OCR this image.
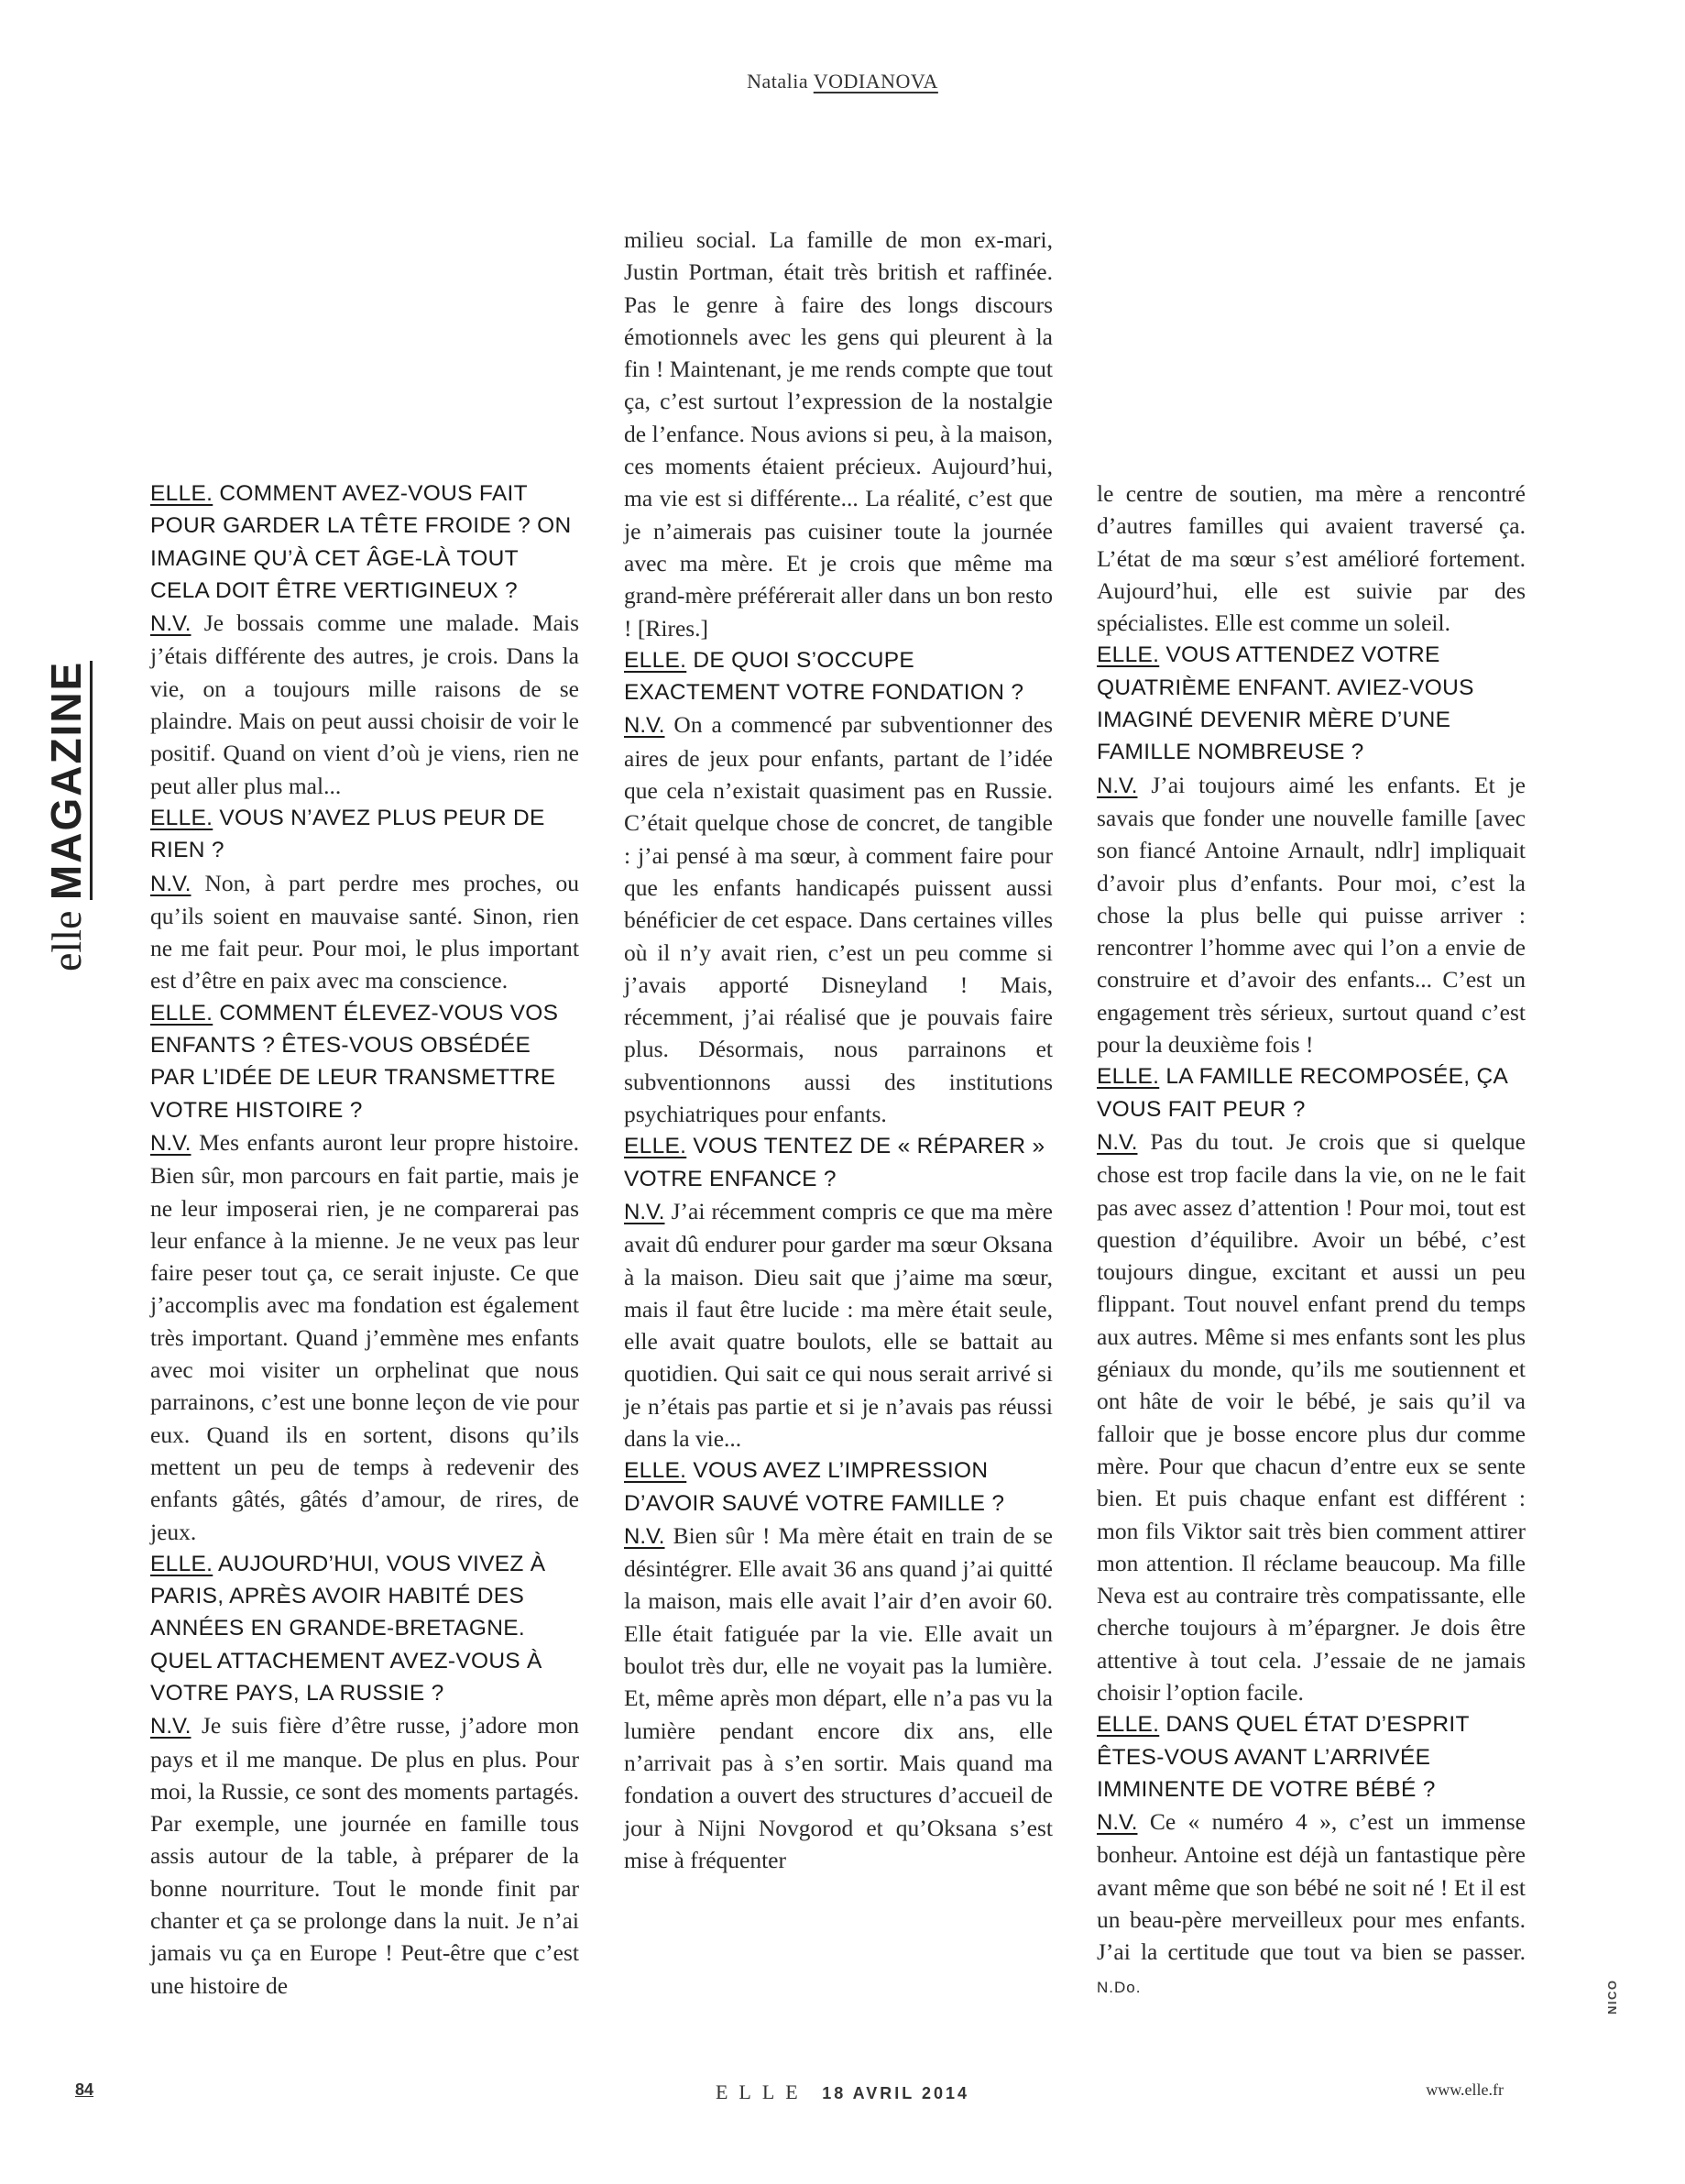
Natalia VODIANOVA
elle MAGAZINE

ELLE. COMMENT AVEZ-VOUS FAIT POUR GARDER LA TÊTE FROIDE ? ON IMAGINE QU’À CET ÂGE-LÀ TOUT CELA DOIT ÊTRE VERTIGINEUX ?

N.V. Je bossais comme une malade. Mais j’étais différente des autres, je crois. Dans la vie, on a toujours mille raisons de se plaindre. Mais on peut aussi choisir de voir le positif. Quand on vient d’où je viens, rien ne peut aller plus mal...

ELLE. VOUS N’AVEZ PLUS PEUR DE RIEN ?

N.V. Non, à part perdre mes proches, ou qu’ils soient en mauvaise santé. Sinon, rien ne me fait peur. Pour moi, le plus important est d’être en paix avec ma conscience.

ELLE. COMMENT ÉLEVEZ-VOUS VOS ENFANTS ? ÊTES-VOUS OBSÉDÉE PAR L’IDÉE DE LEUR TRANSMETTRE VOTRE HISTOIRE ?

N.V. Mes enfants auront leur propre histoire. Bien sûr, mon parcours en fait partie, mais je ne leur imposerai rien, je ne comparerai pas leur enfance à la mienne. Je ne veux pas leur faire peser tout ça, ce serait injuste. Ce que j’accomplis avec ma fondation est également très important. Quand j’emmène mes enfants avec moi visiter un orphelinat que nous parrainons, c’est une bonne leçon de vie pour eux. Quand ils en sortent, disons qu’ils mettent un peu de temps à redevenir des enfants gâtés, gâtés d’amour, de rires, de jeux.

ELLE. AUJOURD’HUI, VOUS VIVEZ À PARIS, APRÈS AVOIR HABITÉ DES ANNÉES EN GRANDE-BRETAGNE. QUEL ATTACHEMENT AVEZ-VOUS À VOTRE PAYS, LA RUSSIE ?

N.V. Je suis fière d’être russe, j’adore mon pays et il me manque. De plus en plus. Pour moi, la Russie, ce sont des moments partagés. Par exemple, une journée en famille tous assis autour de la table, à préparer de la bonne nourriture. Tout le monde finit par chanter et ça se prolonge dans la nuit. Je n’ai jamais vu ça en Europe ! Peut-être que c’est une histoire de

milieu social. La famille de mon ex-mari, Justin Portman, était très british et raffinée. Pas le genre à faire des longs discours émotionnels avec les gens qui pleurent à la fin ! Maintenant, je me rends compte que tout ça, c’est surtout l’expression de la nostalgie de l’enfance. Nous avions si peu, à la maison, ces moments étaient précieux. Aujourd’hui, ma vie est si différente... La réalité, c’est que je n’aimerais pas cuisiner toute la journée avec ma mère. Et je crois que même ma grand-mère préférerait aller dans un bon resto ! [Rires.]

ELLE. DE QUOI S’OCCUPE EXACTEMENT VOTRE FONDATION ?

N.V. On a commencé par subventionner des aires de jeux pour enfants, partant de l’idée que cela n’existait quasiment pas en Russie. C’était quelque chose de concret, de tangible : j’ai pensé à ma sœur, à comment faire pour que les enfants handicapés puissent aussi bénéficier de cet espace. Dans certaines villes où il n’y avait rien, c’est un peu comme si j’avais apporté Disneyland ! Mais, récemment, j’ai réalisé que je pouvais faire plus. Désormais, nous parrainons et subventionnons aussi des institutions psychiatriques pour enfants.

ELLE. VOUS TENTEZ DE « RÉPARER » VOTRE ENFANCE ?

N.V. J’ai récemment compris ce que ma mère avait dû endurer pour garder ma sœur Oksana à la maison. Dieu sait que j’aime ma sœur, mais il faut être lucide : ma mère était seule, elle avait quatre boulots, elle se battait au quotidien. Qui sait ce qui nous serait arrivé si je n’étais pas partie et si je n’avais pas réussi dans la vie...

ELLE. VOUS AVEZ L’IMPRESSION D’AVOIR SAUVÉ VOTRE FAMILLE ?

N.V. Bien sûr ! Ma mère était en train de se désintégrer. Elle avait 36 ans quand j’ai quitté la maison, mais elle avait l’air d’en avoir 60. Elle était fatiguée par la vie. Elle avait un boulot très dur, elle ne voyait pas la lumière. Et, même après mon départ, elle n’a pas vu la lumière pendant encore dix ans, elle n’arrivait pas à s’en sortir. Mais quand ma fondation a ouvert des structures d’accueil de jour à Nijni Novgorod et qu’Oksana s’est mise à fréquenter

le centre de soutien, ma mère a rencontré d’autres familles qui avaient traversé ça. L’état de ma sœur s’est amélioré fortement. Aujourd’hui, elle est suivie par des spécialistes. Elle est comme un soleil.

ELLE. VOUS ATTENDEZ VOTRE QUATRIÈME ENFANT. AVIEZ-VOUS IMAGINÉ DEVENIR MÈRE D’UNE FAMILLE NOMBREUSE ?

N.V. J’ai toujours aimé les enfants. Et je savais que fonder une nouvelle famille [avec son fiancé Antoine Arnault, ndlr] impliquait d’avoir plus d’enfants. Pour moi, c’est la chose la plus belle qui puisse arriver : rencontrer l’homme avec qui l’on a envie de construire et d’avoir des enfants... C’est un engagement très sérieux, surtout quand c’est pour la deuxième fois !

ELLE. LA FAMILLE RECOMPOSÉE, ÇA VOUS FAIT PEUR ?

N.V. Pas du tout. Je crois que si quelque chose est trop facile dans la vie, on ne le fait pas avec assez d’attention ! Pour moi, tout est question d’équilibre. Avoir un bébé, c’est toujours dingue, excitant et aussi un peu flippant. Tout nouvel enfant prend du temps aux autres. Même si mes enfants sont les plus géniaux du monde, qu’ils me soutiennent et ont hâte de voir le bébé, je sais qu’il va falloir que je bosse encore plus dur comme mère. Pour que chacun d’entre eux se sente bien. Et puis chaque enfant est différent : mon fils Viktor sait très bien comment attirer mon attention. Il réclame beaucoup. Ma fille Neva est au contraire très compatissante, elle cherche toujours à m’épargner. Je dois être attentive à tout cela. J’essaie de ne jamais choisir l’option facile.

ELLE. DANS QUEL ÉTAT D’ESPRIT ÊTES-VOUS AVANT L’ARRIVÉE IMMINENTE DE VOTRE BÉBÉ ?

N.V. Ce « numéro 4 », c’est un immense bonheur. Antoine est déjà un fantastique père avant même que son bébé ne soit né ! Et il est un beau-père merveilleux pour mes enfants. J’ai la certitude que tout va bien se passer. N.Do.

84	ELLE 18 AVRIL 2014	www.elle.fr
NICO
